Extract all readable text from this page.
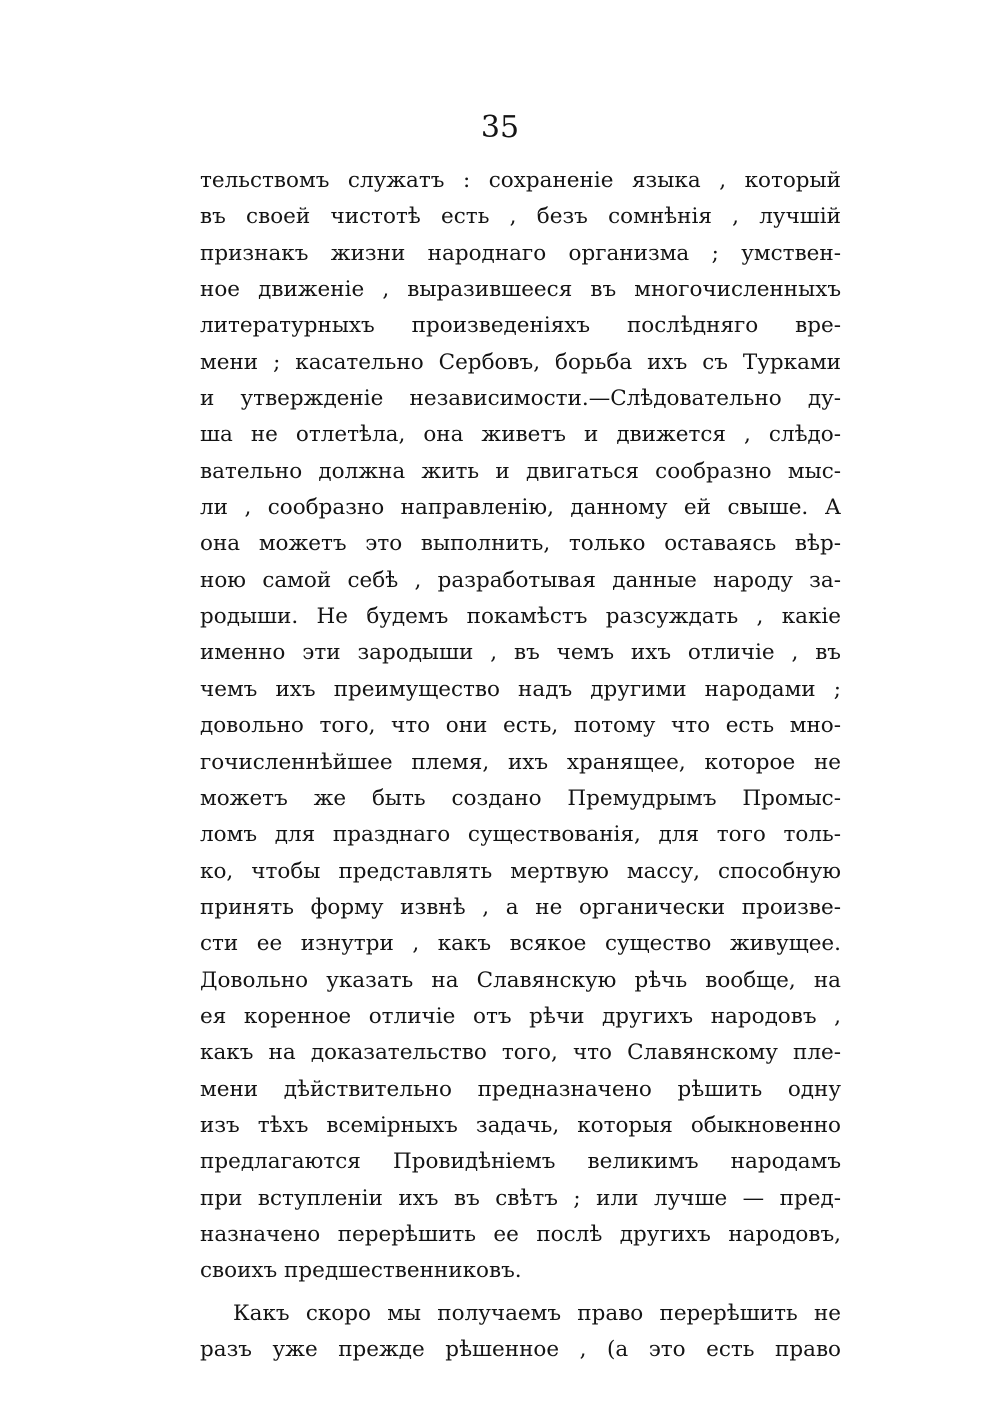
35
тельствомъ служатъ : сохраненіе языка , который
въ своей чистотѣ есть , безъ сомнѣнія , лучшій
признакъ жизни народнаго организма ; умствен-
ное движеніе , выразившееся въ многочисленныхъ
литературныхъ произведеніяхъ послѣдняго вре-
мени ; касательно Сербовъ, борьба ихъ съ Турками
и утвержденіе независимости.—Слѣдовательно ду-
ша не отлетѣла, она живетъ и движется , слѣдо-
вательно должна жить и двигаться сообразно мыс-
ли , сообразно направленію, данному ей свыше. А
она можетъ это выполнить, только оставаясь вѣр-
ною самой себѣ , разработывая данные народу за-
родыши. Не будемъ покамѣстъ разсуждать , какіе
именно эти зародыши , въ чемъ ихъ отличіе , въ
чемъ ихъ преимущество надъ другими народами ;
довольно того, что они есть, потому что есть мно-
гочисленнѣйшее племя, ихъ хранящее, которое не
можетъ же быть создано Премудрымъ Промыс-
ломъ для празднаго существованія, для того толь-
ко, чтобы представлять мертвую массу, способную
принять форму извнѣ , а не органически произве-
сти ее изнутри , какъ всякое существо живущее.
Довольно указать на Славянскую рѣчь вообще, на
ея коренное отличіе отъ рѣчи другихъ народовъ ,
какъ на доказательство того, что Славянскому пле-
мени дѣйствительно предназначено рѣшить одну
изъ тѣхъ всемірныхъ задачь, которыя обыкновенно
предлагаются Провидѣніемъ великимъ народамъ
при вступленіи ихъ въ свѣтъ ; или лучше — пред-
назначено перерѣшить ее послѣ другихъ народовъ,
своихъ предшественниковъ.
Какъ скоро мы получаемъ право перерѣшить не
разъ уже прежде рѣшенное , (а это есть право
